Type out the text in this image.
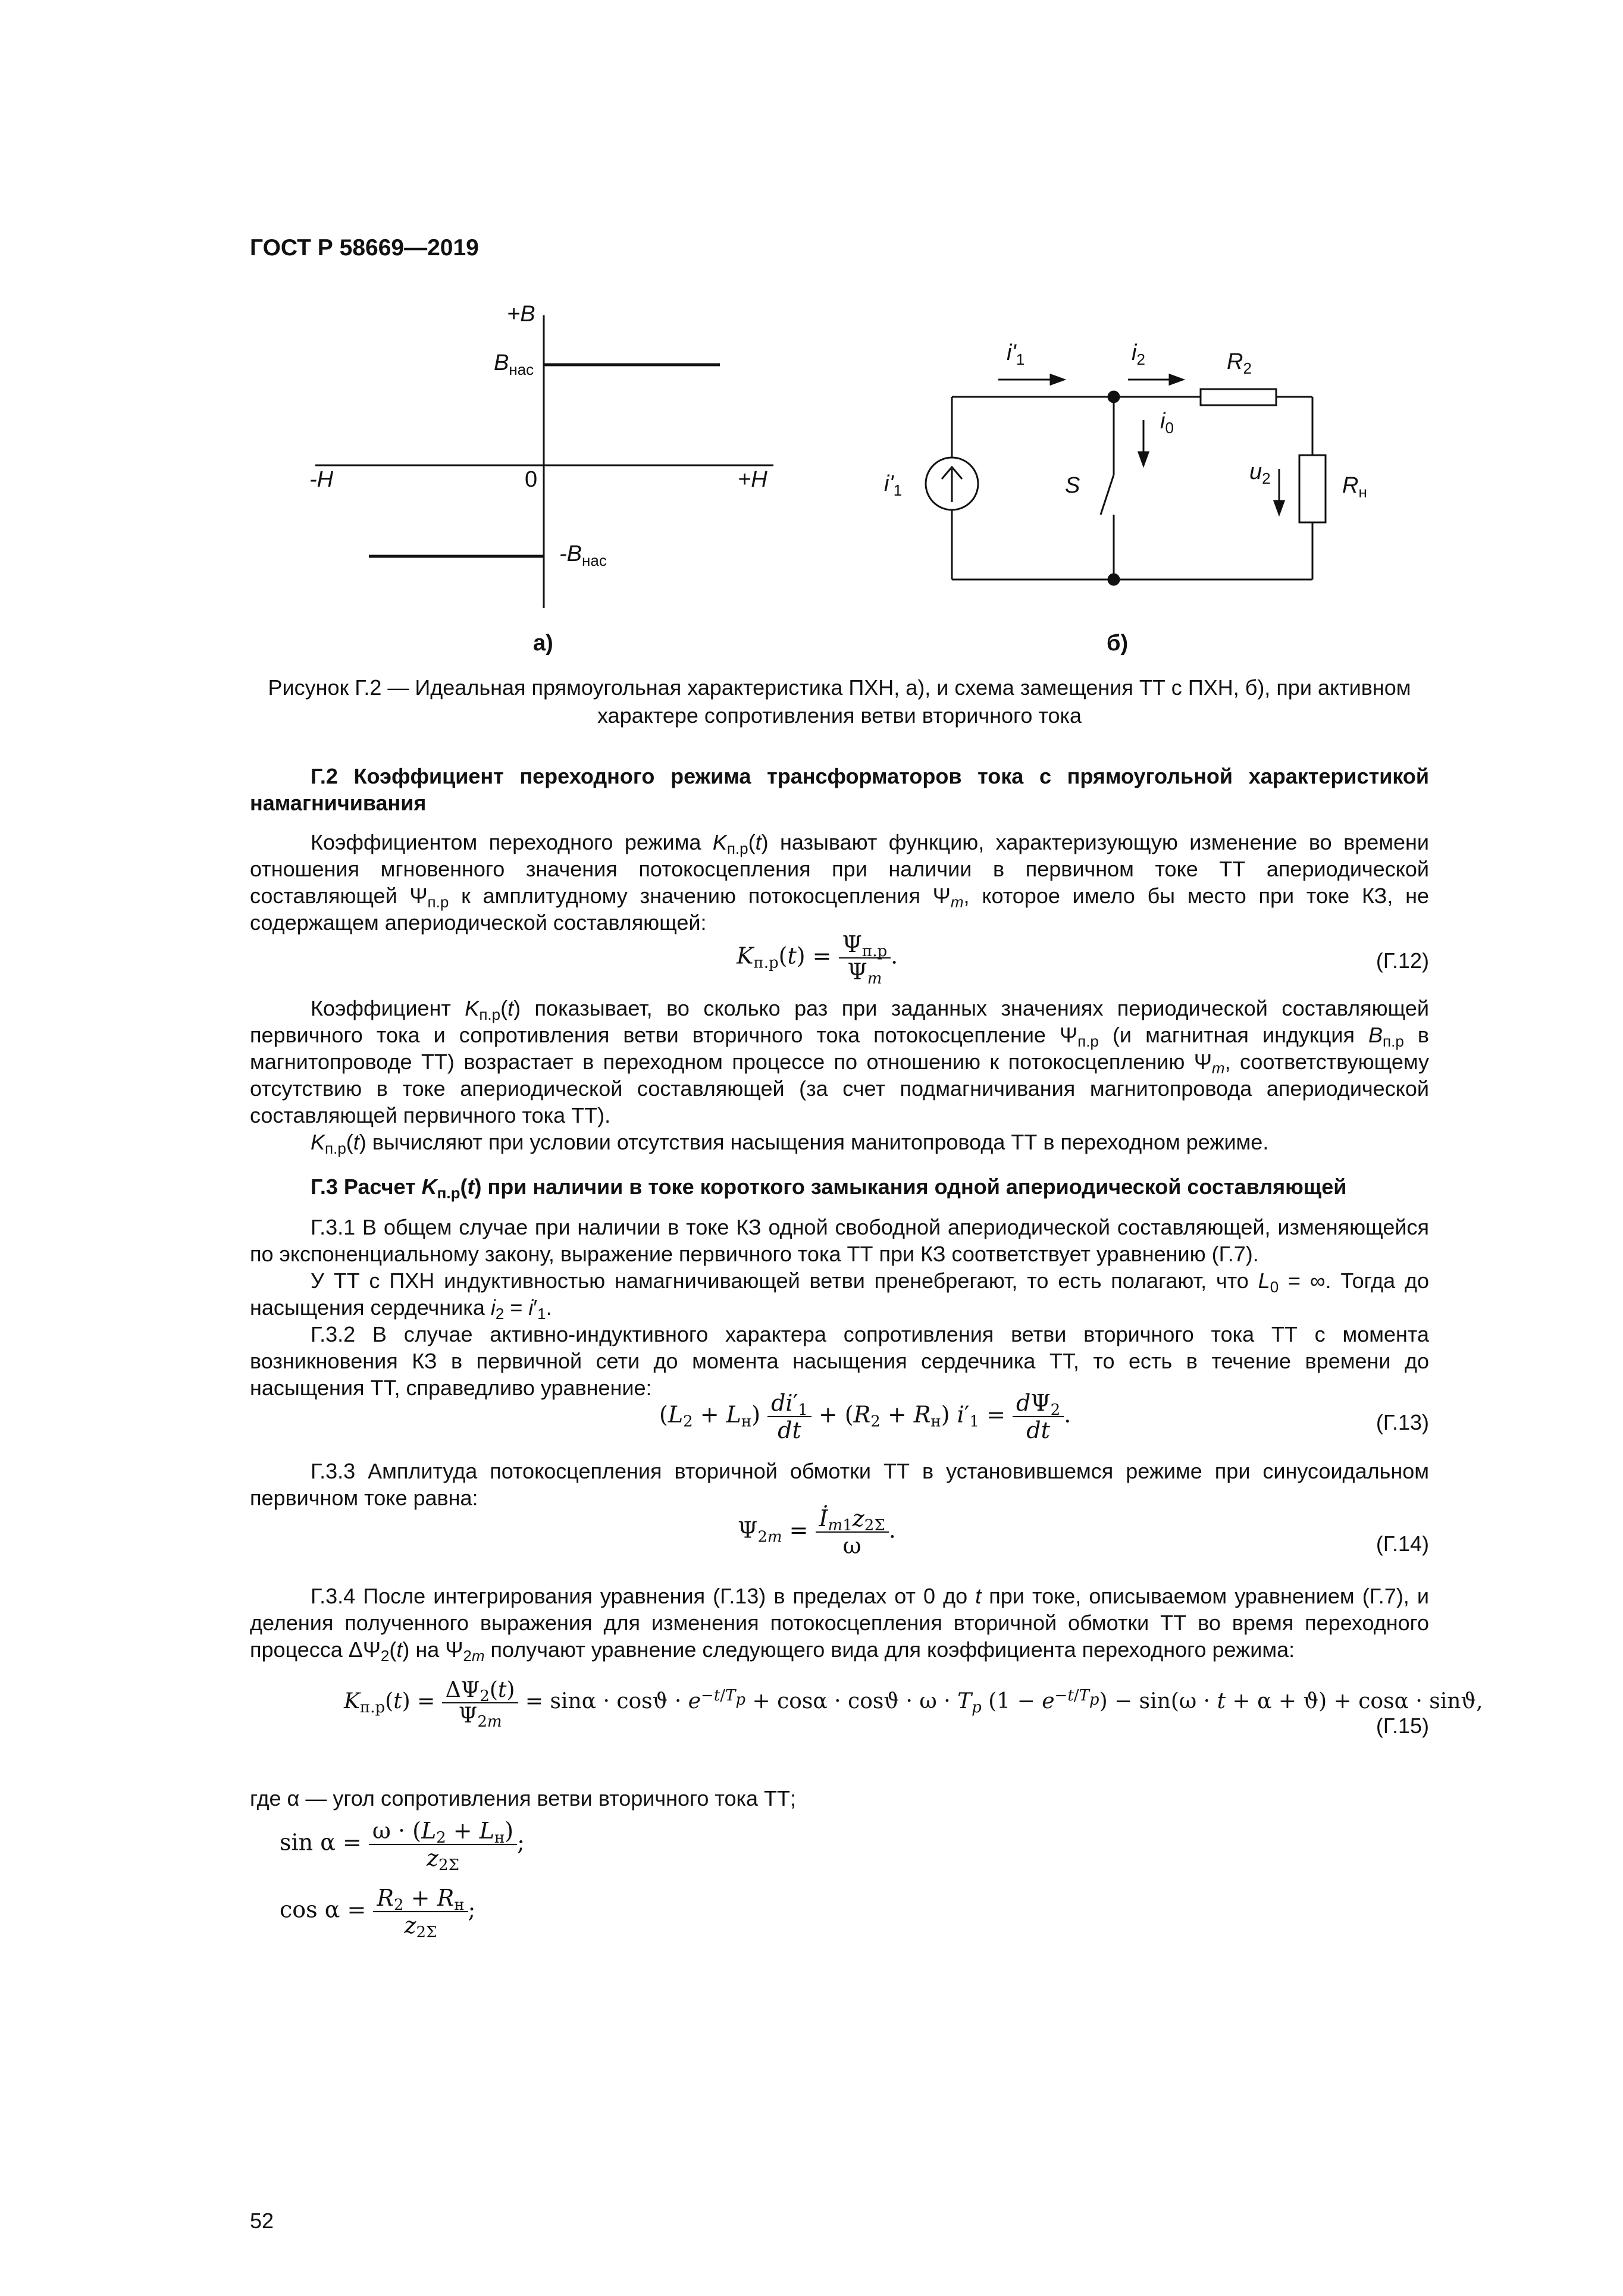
ГОСТ Р 58669—2019
+B
$B_{нас}$
-H	0	+H
$-B_{нас}$
а)
$i'_1$	$i_2$	$R_2$
$i_0$
$i'_1$	S
$u_2$	$R_н$
б)
Рисунок Г.2 — Идеальная прямоугольная характеристика ПХН, а), и схема замещения ТТ с ПХН, б), при активном характере сопротивления ветви вторичного тока

Г.2 Коэффициент переходного режима трансформаторов тока с прямоугольной характеристикой намагничивания

Коэффициентом переходного режима $K_{п.р}(t)$ называют функцию, характеризующую изменение во времени отношения мгновенного значения потокосцепления при наличии в первичном токе ТТ апериодической составляющей $\Psi_{п.р}$ к амплитудному значению потокосцепления $\Psi_m$, которое имело бы место при токе КЗ, не содержащем апериодической составляющей:

$K_{п.р}(t) = \frac{\Psi_{п.р}}{\Psi_m}$ .	(Г.12)

Коэффициент $K_{п.р}(t)$ показывает, во сколько раз при заданных значениях периодической составляющей первичного тока и сопротивления ветви вторичного тока потокосцепление $\Psi_{п.р}$ (и магнитная индукция $B_{п.р}$ в магнитопроводе ТТ) возрастает в переходном процессе по отношению к потокосцеплению $\Psi_m$, соответствующему отсутствию в токе апериодической составляющей (за счет подмагничивания магнитопровода апериодической составляющей первичного тока ТТ).

$K_{п.р}(t)$ вычисляют при условии отсутствия насыщения манитопровода ТТ в переходном режиме.

Г.3 Расчет $K_{п.р}(t)$ при наличии в токе короткого замыкания одной апериодической составляющей

Г.3.1 В общем случае при наличии в токе КЗ одной свободной апериодической составляющей, изменяющейся по экспоненциальному закону, выражение первичного тока ТТ при КЗ соответствует уравнению (Г.7).

У ТТ с ПХН индуктивностью намагничивающей ветви пренебрегают, то есть полагают, что $L_0$ = ∞. Тогда до насыщения сердечника $i_2 = i'_1$.

Г.3.2 В случае активно-индуктивного характера сопротивления ветви вторичного тока ТТ с момента возникновения КЗ в первичной сети до момента насыщения сердечника ТТ, то есть в течение времени до насыщения ТТ, справедливо уравнение:

$(L_2 + L_н) \frac{di'_1}{dt} + (R_2 + R_н) i'_1 = \frac{d\Psi_2}{dt}$ .	(Г.13)

Г.3.3 Амплитуда потокосцепления вторичной обмотки ТТ в установившемся режиме при синусоидальном первичном токе равна:

$\Psi_{2m} = \frac{İ_{m1}z_{2\Sigma}}{\omega}$ .
(Г.14)

Г.3.4 После интегрирования уравнения (Г.13) в пределах от 0 до t при токе, описываемом уравнением (Г.7), и деления полученного выражения для изменения потокосцепления вторичной обмотки ТТ во время переходного процесса $\Delta\Psi_2(t)$ на $\Psi_{2m}$ получают уравнение следующего вида для коэффициента переходного режима:

$K_{п.р}(t) = \frac{\Delta\Psi_2(t)}{\Psi_{2m}} = \sin\alpha \cdot \cos ϑ \cdot e^{-t/T_p} + \cos\alpha \cdot \cos ϑ \cdot \omega \cdot T_p$ $(1 - e^{-t/T_p}) - \sin(\omega \cdot t + \alpha + ϑ) + \cos\alpha \cdot \sin ϑ$,
(Г.15)

где α — угол сопротивления ветви вторичного тока ТТ;

$\sin \alpha = \frac{\omega \cdot (L_2 + L_н)}{z_{2\Sigma}}$ ;
$\cos \alpha = \frac{R_2 + R_н}{z_{2\Sigma}}$ ;
52
